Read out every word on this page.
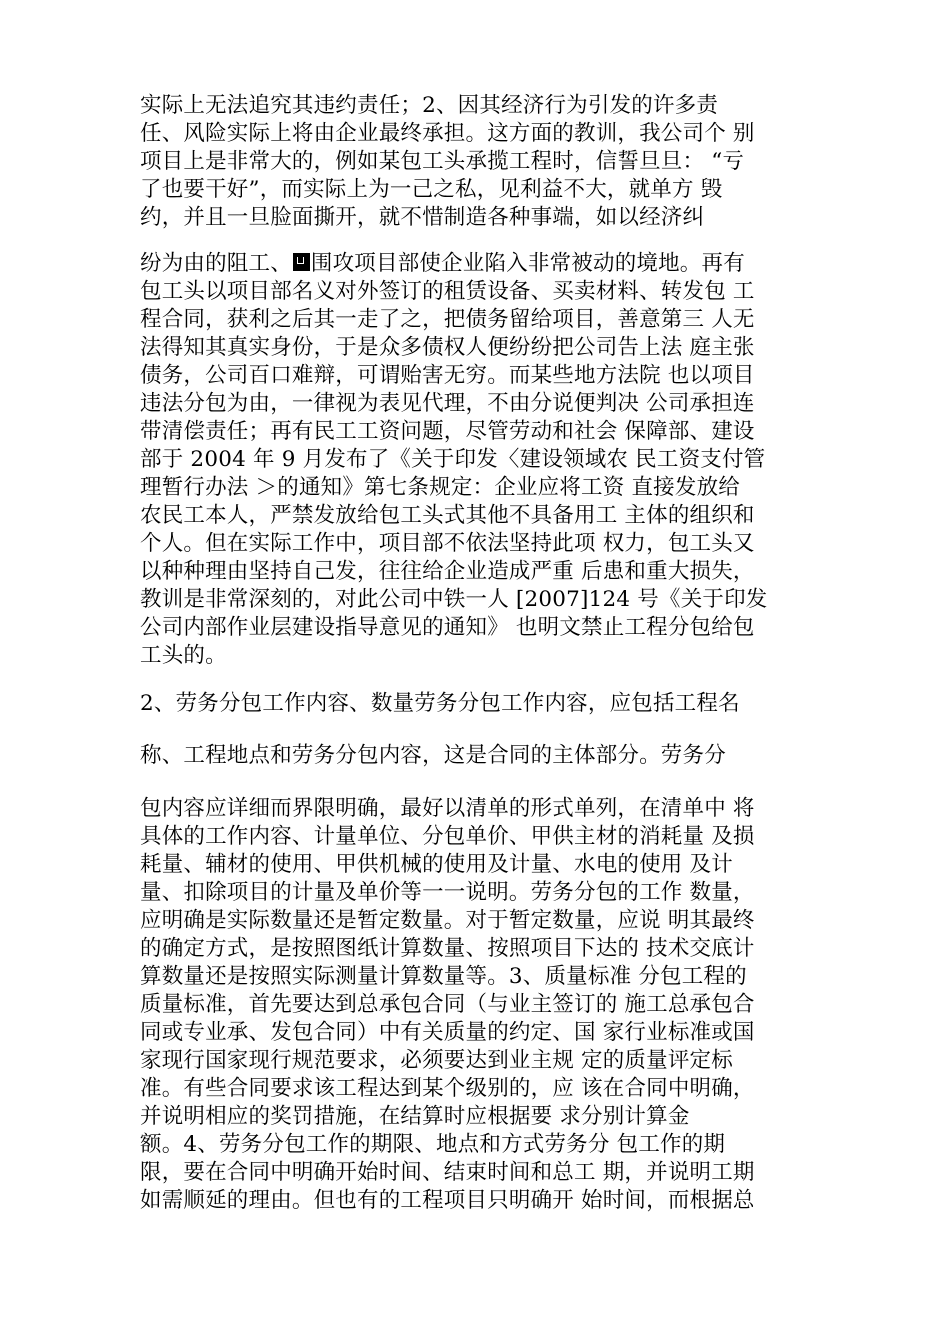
实际上无法追究其违约责任；2、因其经济行为引发的许多责
任、风险实际上将由企业最终承担。这方面的教训，我公司个 别
项目上是非常大的，例如某包工头承揽工程时，信誓旦旦： “亏
了也要干好”，而实际上为一己之私，见利益不大，就单方 毁
约，并且一旦脸面撕开，就不惜制造各种事端，如以经济纠
纷为由的阻工、 围攻项目部使企业陷入非常被动的境地。再有
包工头以项目部名义对外签订的租赁设备、买卖材料、转发包 工
程合同，获利之后其一走了之，把债务留给项目，善意第三 人无
法得知其真实身份，于是众多债权人便纷纷把公司告上法 庭主张
债务，公司百口难辩，可谓贻害无穷。而某些地方法院 也以项目
违法分包为由，一律视为表见代理，不由分说便判决 公司承担连
带清偿责任；再有民工工资问题，尽管劳动和社会 保障部、建设
部于 2004 年 9 月发布了《关于印发〈建设领域农 民工资支付管
理暂行办法 ＞的通知》第七条规定：企业应将工资 直接发放给
农民工本人，严禁发放给包工头式其他不具备用工 主体的组织和
个人。但在实际工作中，项目部不依法坚持此项 权力，包工头又
以种种理由坚持自己发，往往给企业造成严重 后患和重大损失，
教训是非常深刻的，对此公司中铁一人 [2007]124 号《关于印发
公司内部作业层建设指导意见的通知》 也明文禁止工程分包给包
工头的。
2、劳务分包工作内容、数量劳务分包工作内容，应包括工程名
称、工程地点和劳务分包内容，这是合同的主体部分。劳务分
包内容应详细而界限明确，最好以清单的形式单列，在清单中 将
具体的工作内容、计量单位、分包单价、甲供主材的消耗量 及损
耗量、辅材的使用、甲供机械的使用及计量、水电的使用 及计
量、扣除项目的计量及单价等一一说明。劳务分包的工作 数量，
应明确是实际数量还是暂定数量。对于暂定数量，应说 明其最终
的确定方式，是按照图纸计算数量、按照项目下达的 技术交底计
算数量还是按照实际测量计算数量等。3、质量标准 分包工程的
质量标准，首先要达到总承包合同（与业主签订的 施工总承包合
同或专业承、发包合同）中有关质量的约定、国 家行业标准或国
家现行国家现行规范要求，必须要达到业主规 定的质量评定标
准。有些合同要求该工程达到某个级别的，应 该在合同中明确，
并说明相应的奖罚措施，在结算时应根据要 求分别计算金
额。4、劳务分包工作的期限、地点和方式劳务分 包工作的期
限，要在合同中明确开始时间、结束时间和总工 期，并说明工期
如需顺延的理由。但也有的工程项目只明确开 始时间，而根据总
